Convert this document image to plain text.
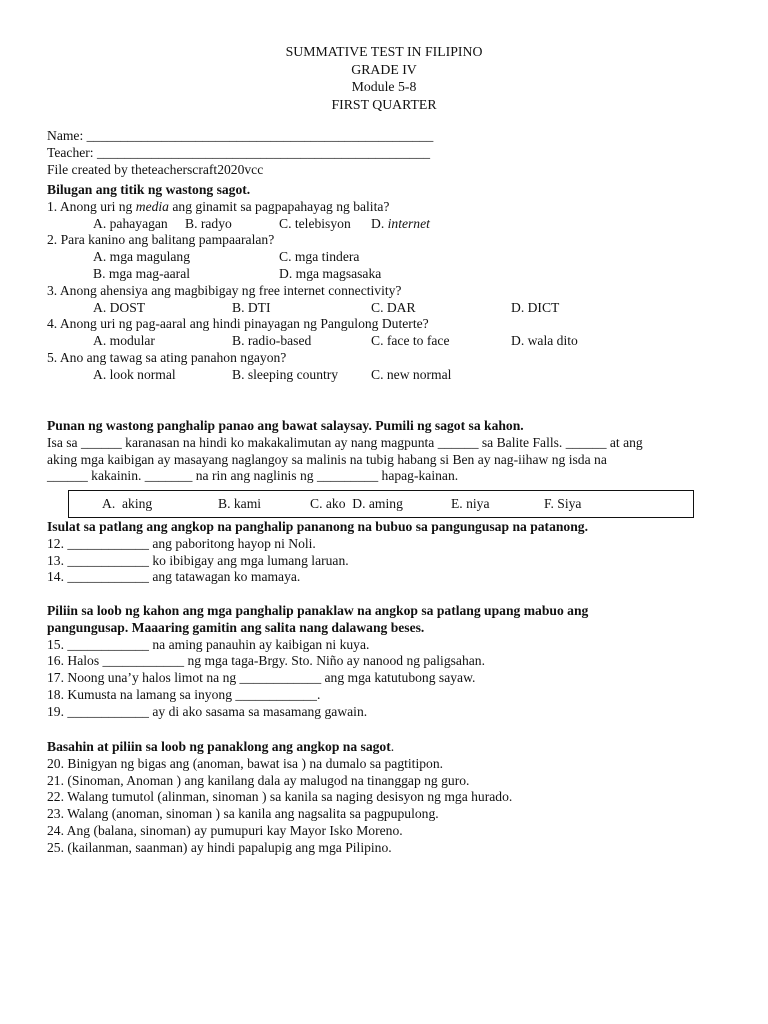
SUMMATIVE TEST IN FILIPINO
GRADE IV
Module 5-8
FIRST QUARTER
Name: ___________________________________________________
Teacher: _________________________________________________
File created by theteacherscraft2020vcc
Bilugan ang titik ng wastong sagot.
1. Anong uri ng media ang ginamit sa pagpapahayag ng balita?
A. pahayagan B. radyo	C. telebisyon D. internet
2. Para kanino ang balitang pampaaralan?
A. mga magulang	C. mga tindera
B. mga mag-aaral	D. mga magsasaka
3. Anong ahensiya ang magbibigay ng free internet connectivity?
A. DOST	B. DTI	C. DAR	D. DICT
4. Anong uri ng pag-aaral ang hindi pinayagan ng Pangulong Duterte?
A. modular	B. radio-based	C. face to face	D. wala dito
5. Ano ang tawag sa ating panahon ngayon?
A. look normal	B. sleeping country C. new normal
Punan ng wastong panghalip panao ang bawat salaysay. Pumili ng sagot sa kahon.
Isa sa ______ karanasan na hindi ko makakalimutan ay nang magpunta ______ sa Balite Falls. ______ at ang
aking mga kaibigan ay masayang naglangoy sa malinis na tubig habang si Ben ay nag-iihaw ng isda na
______ kakainin. _______ na rin ang naglinis ng _________ hapag-kainan.
A.  aking	B. kami	C. ako  D. aming	E. niya	F. Siya
Isulat sa patlang ang angkop na panghalip pananong na bubuo sa pangungusap na patanong.
12. ____________ ang paboritong hayop ni Noli.
13. ____________ ko ibibigay ang mga lumang laruan.
14. ____________ ang tatawagan ko mamaya.
Piliin sa loob ng kahon ang mga panghalip panaklaw na angkop sa patlang upang mabuo ang
pangungusap. Maaaring gamitin ang salita nang dalawang beses.
15. ____________ na aming panauhin ay kaibigan ni kuya.
16. Halos ____________ ng mga taga-Brgy. Sto. Niño ay nanood ng paligsahan.
17. Noong una’y halos limot na ng ____________ ang mga katutubong sayaw.
18. Kumusta na lamang sa inyong ____________.
19. ____________ ay di ako sasama sa masamang gawain.
Basahin at piliin sa loob ng panaklong ang angkop na sagot.
20. Binigyan ng bigas ang (anoman, bawat isa ) na dumalo sa pagtitipon.
21. (Sinoman, Anoman ) ang kanilang dala ay malugod na tinanggap ng guro.
22. Walang tumutol (alinman, sinoman ) sa kanila sa naging desisyon ng mga hurado.
23. Walang (anoman, sinoman ) sa kanila ang nagsalita sa pagpupulong.
24. Ang (balana, sinoman) ay pumupuri kay Mayor Isko Moreno.
25. (kailanman, saanman) ay hindi papalupig ang mga Pilipino.
